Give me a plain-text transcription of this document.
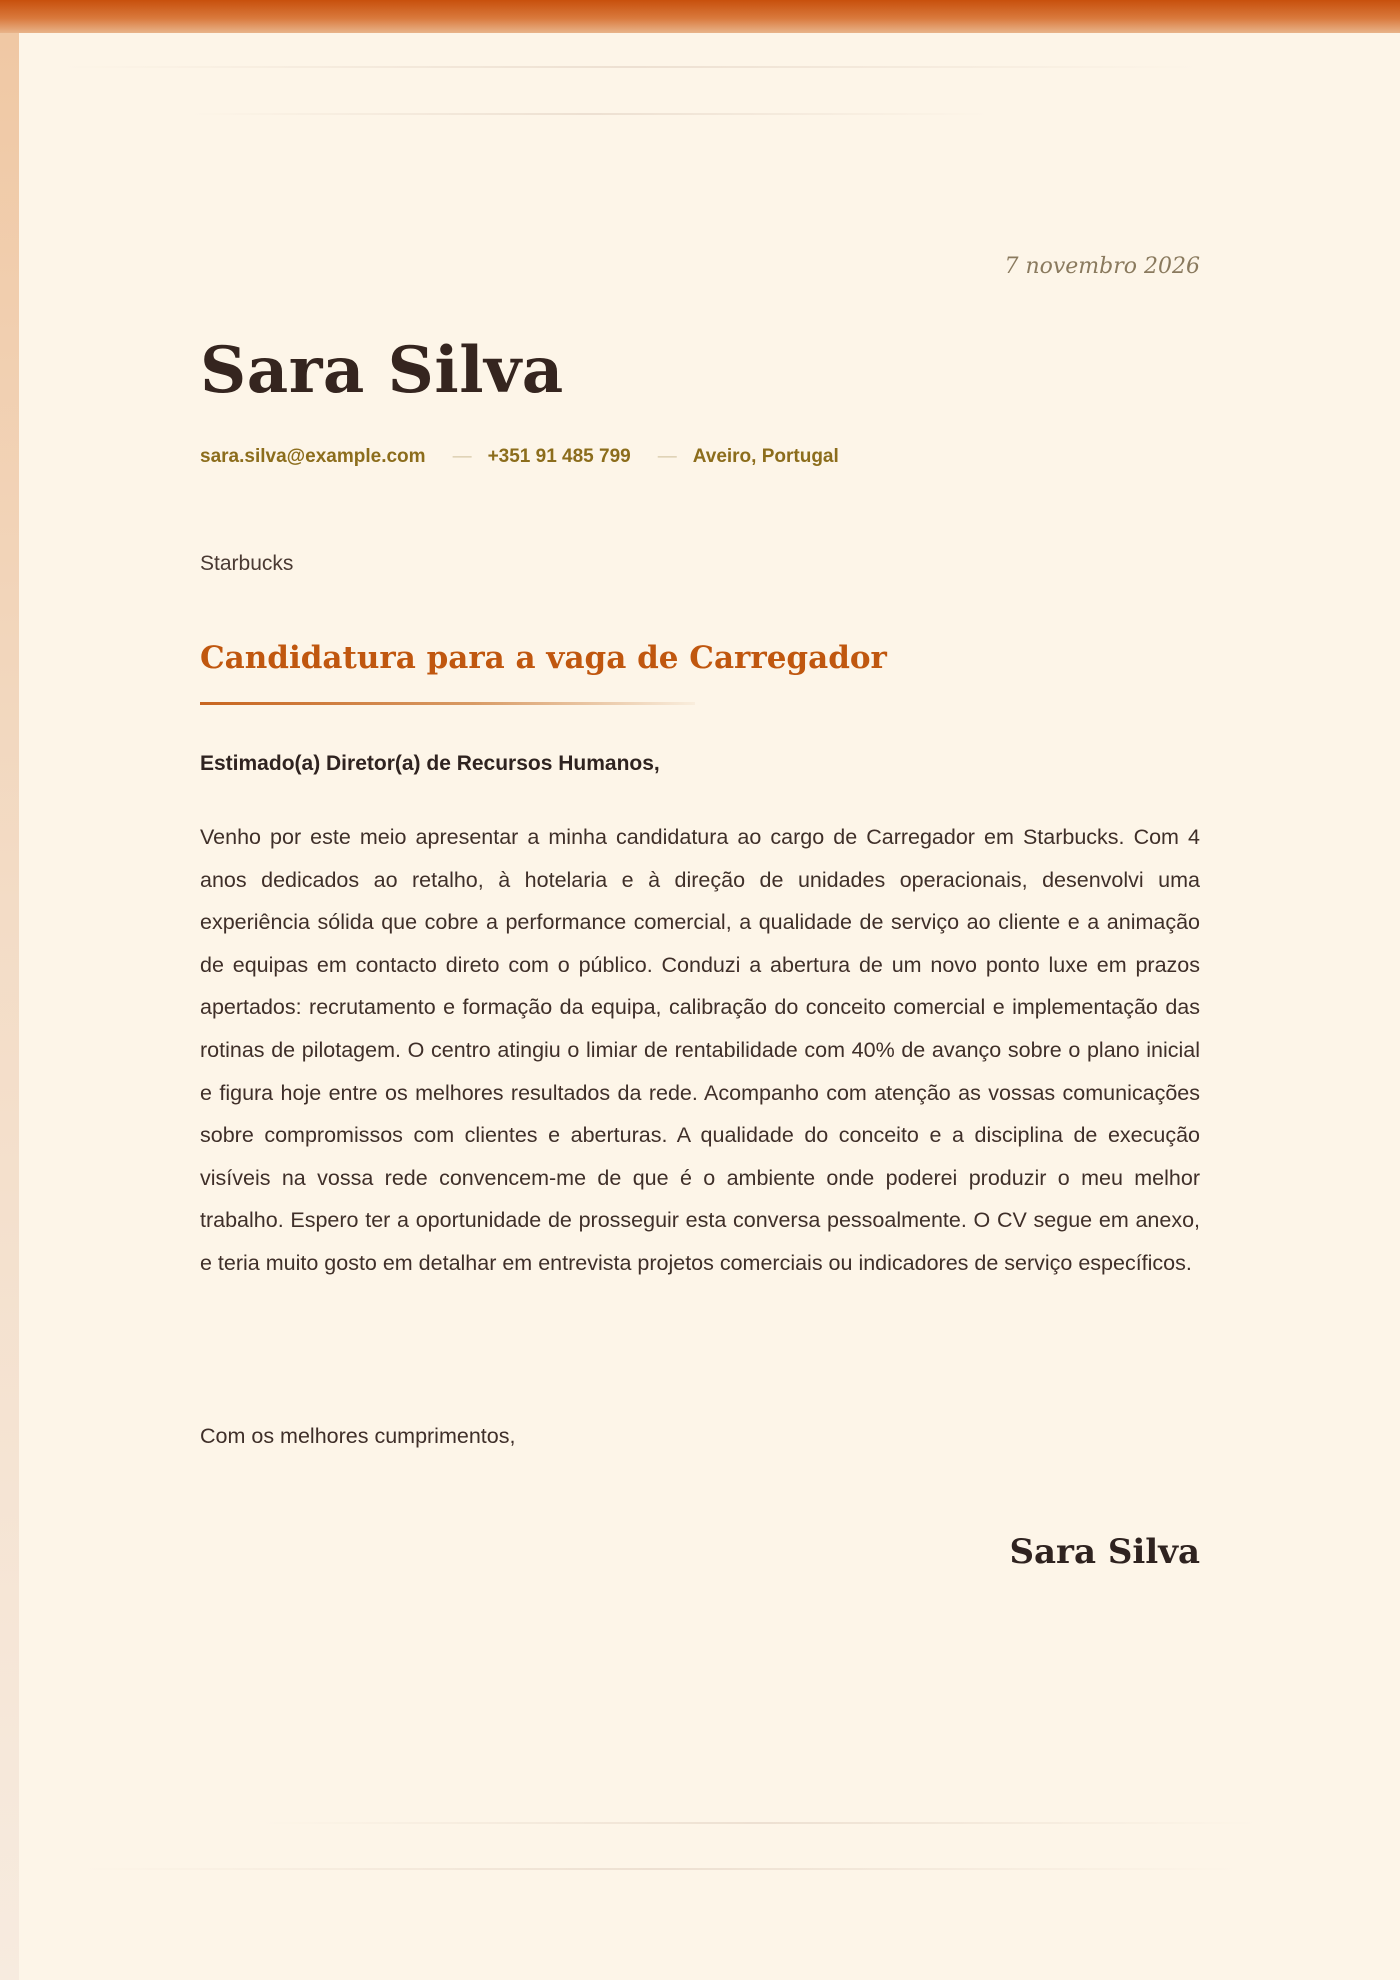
7 novembro 2026

Sara Silva
sara.silva@example.com — +351 91 485 799 — Aveiro, Portugal

Starbucks

Candidatura para a vaga de Carregador

Estimado(a) Diretor(a) de Recursos Humanos,

Venho por este meio apresentar a minha candidatura ao cargo de Carregador em Starbucks. Com 4 anos dedicados ao retalho, à hotelaria e à direção de unidades operacionais, desenvolvi uma experiência sólida que cobre a performance comercial, a qualidade de serviço ao cliente e a animação de equipas em contacto direto com o público. Conduzi a abertura de um novo ponto luxe em prazos apertados: recrutamento e formação da equipa, calibração do conceito comercial e implementação das rotinas de pilotagem. O centro atingiu o limiar de rentabilidade com 40% de avanço sobre o plano inicial e figura hoje entre os melhores resultados da rede. Acompanho com atenção as vossas comunicações sobre compromissos com clientes e aberturas. A qualidade do conceito e a disciplina de execução visíveis na vossa rede convencem-me de que é o ambiente onde poderei produzir o meu melhor trabalho. Espero ter a oportunidade de prosseguir esta conversa pessoalmente. O CV segue em anexo, e teria muito gosto em detalhar em entrevista projetos comerciais ou indicadores de serviço específicos.

Com os melhores cumprimentos,

Sara Silva
